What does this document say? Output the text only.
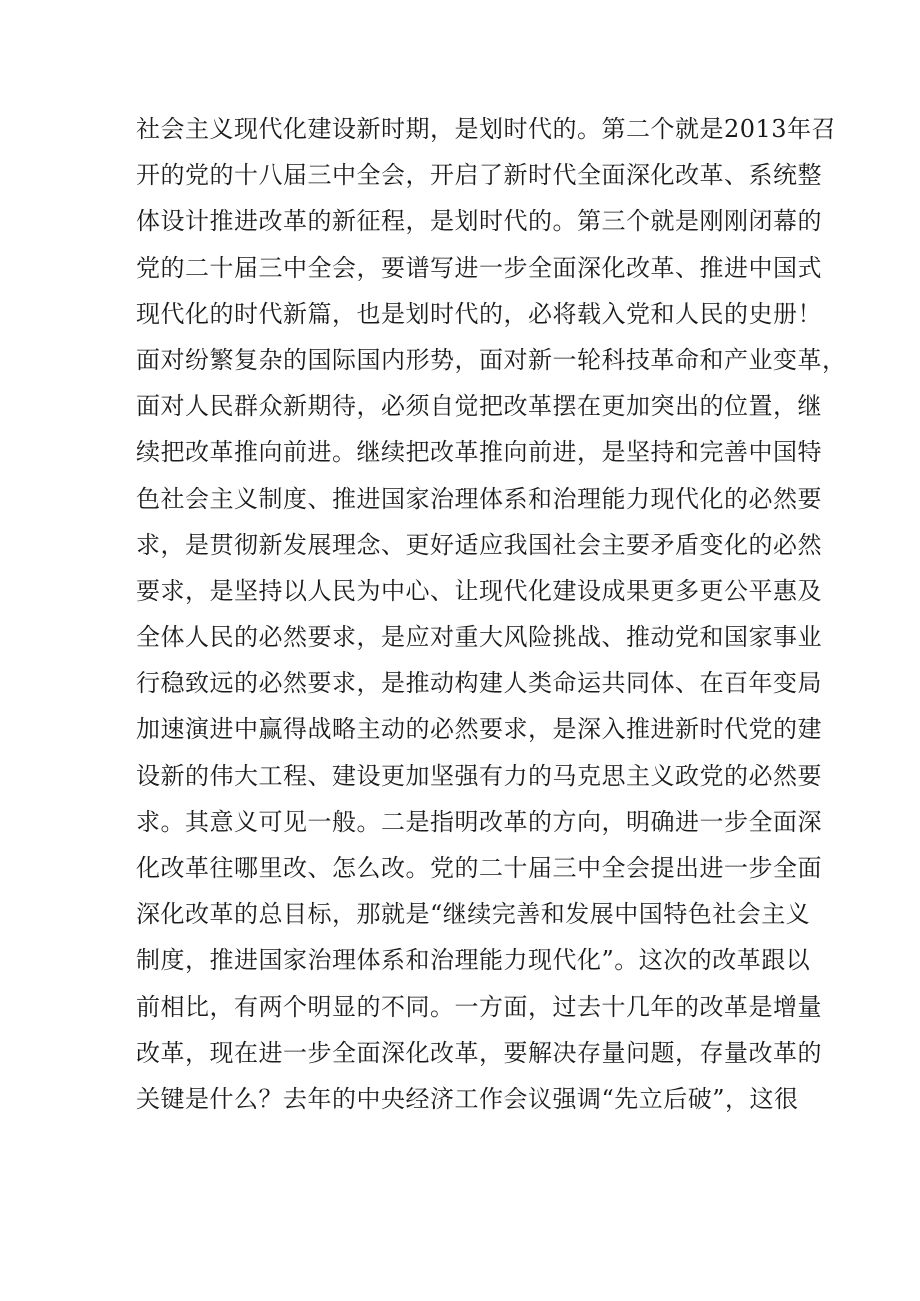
社会主义现代化建设新时期，是划时代的。第二个就是2013年召
开的党的十八届三中全会，开启了新时代全面深化改革、系统整
体设计推进改革的新征程，是划时代的。第三个就是刚刚闭幕的
党的二十届三中全会，要谱写进一步全面深化改革、推进中国式
现代化的时代新篇，也是划时代的，必将载入党和人民的史册！
面对纷繁复杂的国际国内形势，面对新一轮科技革命和产业变革，
面对人民群众新期待，必须自觉把改革摆在更加突出的位置，继
续把改革推向前进。继续把改革推向前进，是坚持和完善中国特
色社会主义制度、推进国家治理体系和治理能力现代化的必然要
求，是贯彻新发展理念、更好适应我国社会主要矛盾变化的必然
要求，是坚持以人民为中心、让现代化建设成果更多更公平惠及
全体人民的必然要求，是应对重大风险挑战、推动党和国家事业
行稳致远的必然要求，是推动构建人类命运共同体、在百年变局
加速演进中赢得战略主动的必然要求，是深入推进新时代党的建
设新的伟大工程、建设更加坚强有力的马克思主义政党的必然要
求。其意义可见一般。二是指明改革的方向，明确进一步全面深
化改革往哪里改、怎么改。党的二十届三中全会提出进一步全面
深化改革的总目标，那就是“继续完善和发展中国特色社会主义
制度，推进国家治理体系和治理能力现代化”。这次的改革跟以
前相比，有两个明显的不同。一方面，过去十几年的改革是增量
改革，现在进一步全面深化改革，要解决存量问题，存量改革的
关键是什么？去年的中央经济工作会议强调“先立后破”，这很
